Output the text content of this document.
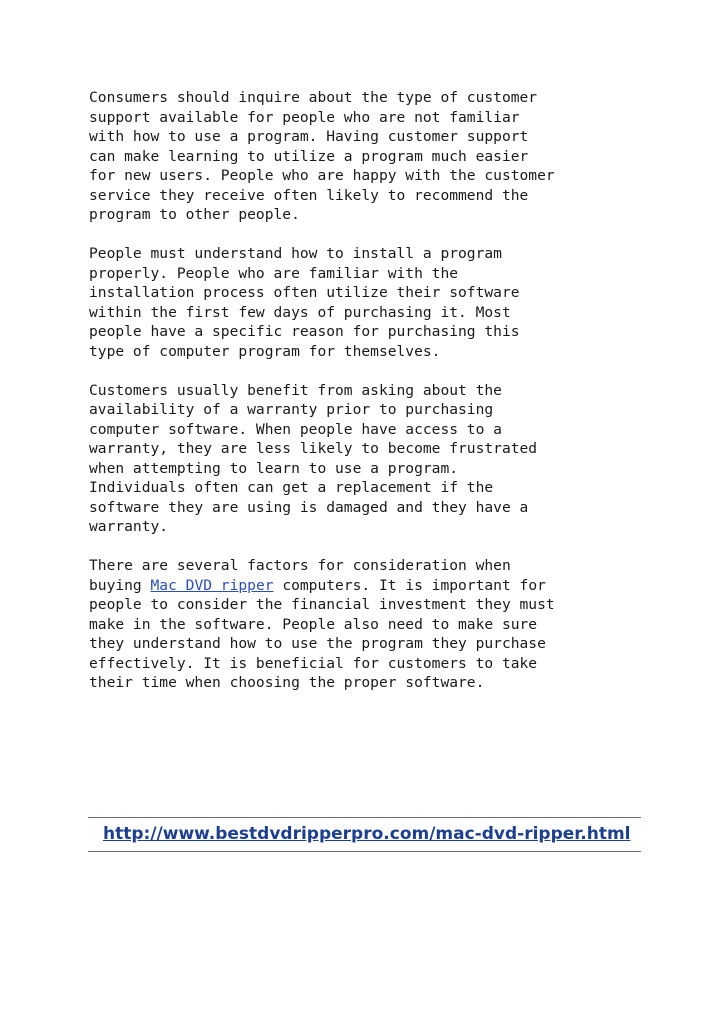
Consumers should inquire about the type of customer
support available for people who are not familiar
with how to use a program. Having customer support
can make learning to utilize a program much easier
for new users. People who are happy with the customer
service they receive often likely to recommend the
program to other people.
People must understand how to install a program
properly. People who are familiar with the
installation process often utilize their software
within the first few days of purchasing it. Most
people have a specific reason for purchasing this
type of computer program for themselves.
Customers usually benefit from asking about the
availability of a warranty prior to purchasing
computer software. When people have access to a
warranty, they are less likely to become frustrated
when attempting to learn to use a program.
Individuals often can get a replacement if the
software they are using is damaged and they have a
warranty.
There are several factors for consideration when
buying Mac DVD ripper computers. It is important for
people to consider the financial investment they must
make in the software. People also need to make sure
they understand how to use the program they purchase
effectively. It is beneficial for customers to take
their time when choosing the proper software.
http://www.bestdvdripperpro.com/mac-dvd-ripper.html
